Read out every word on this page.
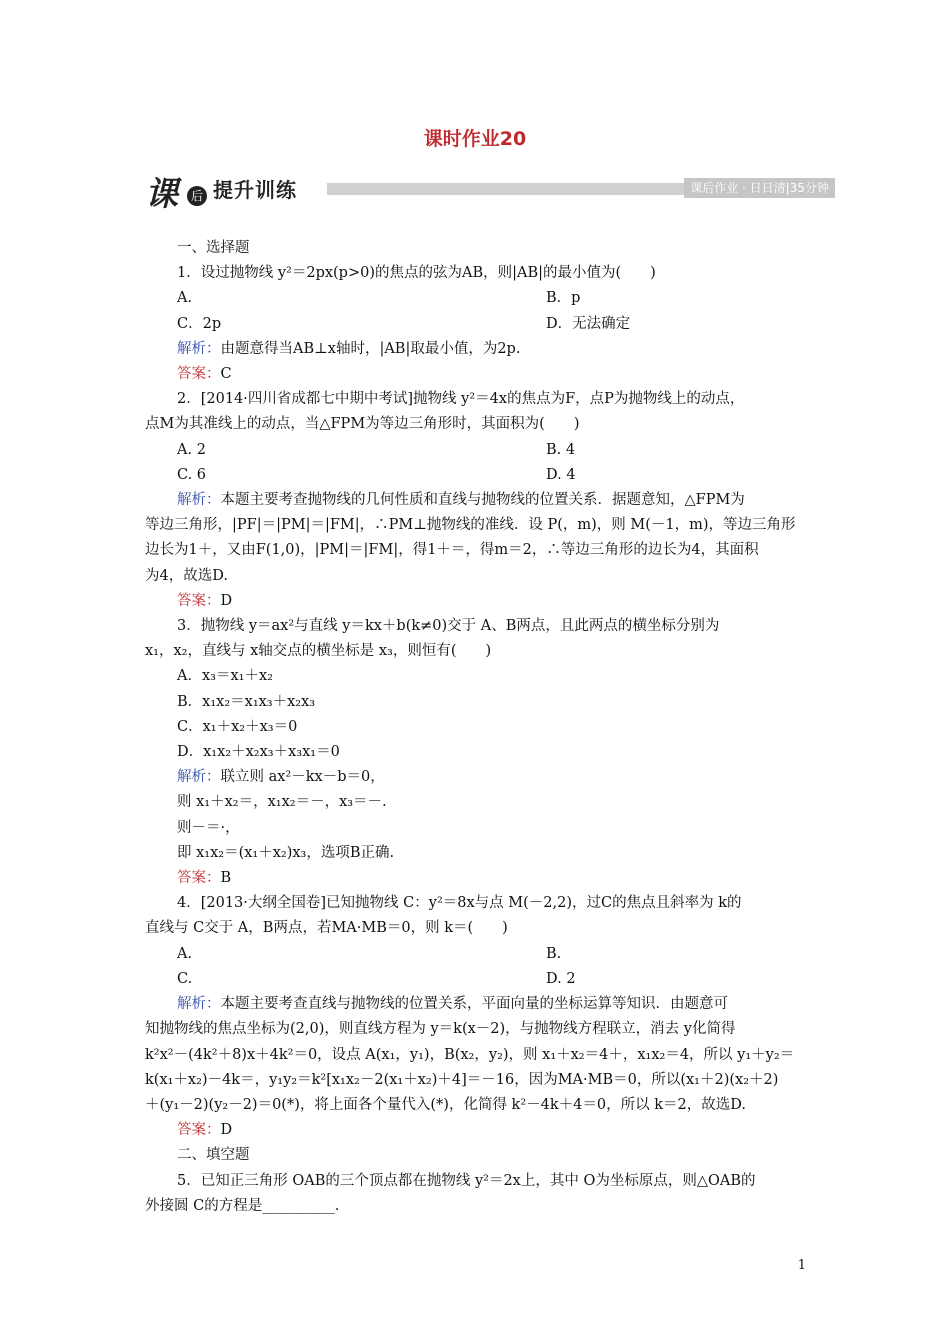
课时作业20
课	后 提升训练	课后作业 · 日日清|35分钟
一、选择题
1．设过抛物线 y²＝2px(p>0)的焦点的弦为AB，则|AB|的最小值为(　　)
A.	B．p
C．2p	D．无法确定
解析：由题意得当AB⊥x轴时，|AB|取最小值，为2p.
答案：C
2．[2014·四川省成都七中期中考试]抛物线 y²＝4x的焦点为F，点P为抛物线上的动点，
点M为其准线上的动点，当△FPM为等边三角形时，其面积为(　　)
A. 2	B. 4
C. 6	D. 4
解析：本题主要考查抛物线的几何性质和直线与抛物线的位置关系．据题意知，△FPM为
等边三角形，|PF|＝|PM|＝|FM|，∴PM⊥抛物线的准线．设 P(，m)，则 M(－1，m)，等边三角形
边长为1＋，又由F(1,0)，|PM|＝|FM|，得1＋＝，得m＝2，∴等边三角形的边长为4，其面积
为4，故选D.
答案：D
3．抛物线 y＝ax²与直线 y＝kx＋b(k≠0)交于 A、B两点，且此两点的横坐标分别为
x₁，x₂，直线与 x轴交点的横坐标是 x₃，则恒有(　　)
A．x₃＝x₁＋x₂
B．x₁x₂＝x₁x₃＋x₂x₃
C．x₁＋x₂＋x₃＝0
D．x₁x₂＋x₂x₃＋x₃x₁＝0
解析：联立则 ax²－kx－b＝0，
则 x₁＋x₂＝，x₁x₂＝－，x₃＝－.
则－＝·，
即 x₁x₂＝(x₁＋x₂)x₃，选项B正确.
答案：B
4．[2013·大纲全国卷]已知抛物线 C：y²＝8x与点 M(－2,2)，过C的焦点且斜率为 k的
直线与 C交于 A，B两点，若MA·MB＝0，则 k＝(　　)
A.	B.
C.	D. 2
解析：本题主要考查直线与抛物线的位置关系，平面向量的坐标运算等知识．由题意可
知抛物线的焦点坐标为(2,0)，则直线方程为 y＝k(x－2)，与抛物线方程联立，消去 y化简得
k²x²－(4k²＋8)x＋4k²＝0，设点 A(x₁，y₁)，B(x₂，y₂)，则 x₁＋x₂＝4＋，x₁x₂＝4，所以 y₁＋y₂＝
k(x₁＋x₂)－4k＝，y₁y₂＝k²[x₁x₂－2(x₁＋x₂)＋4]＝－16，因为MA·MB＝0，所以(x₁＋2)(x₂＋2)
＋(y₁－2)(y₂－2)＝0(*)，将上面各个量代入(*)，化简得 k²－4k＋4＝0，所以 k＝2，故选D.
答案：D
二、填空题
5．已知正三角形 OAB的三个顶点都在抛物线 y²＝2x上，其中 O为坐标原点，则△OAB的
外接圆 C的方程是__________.
1
